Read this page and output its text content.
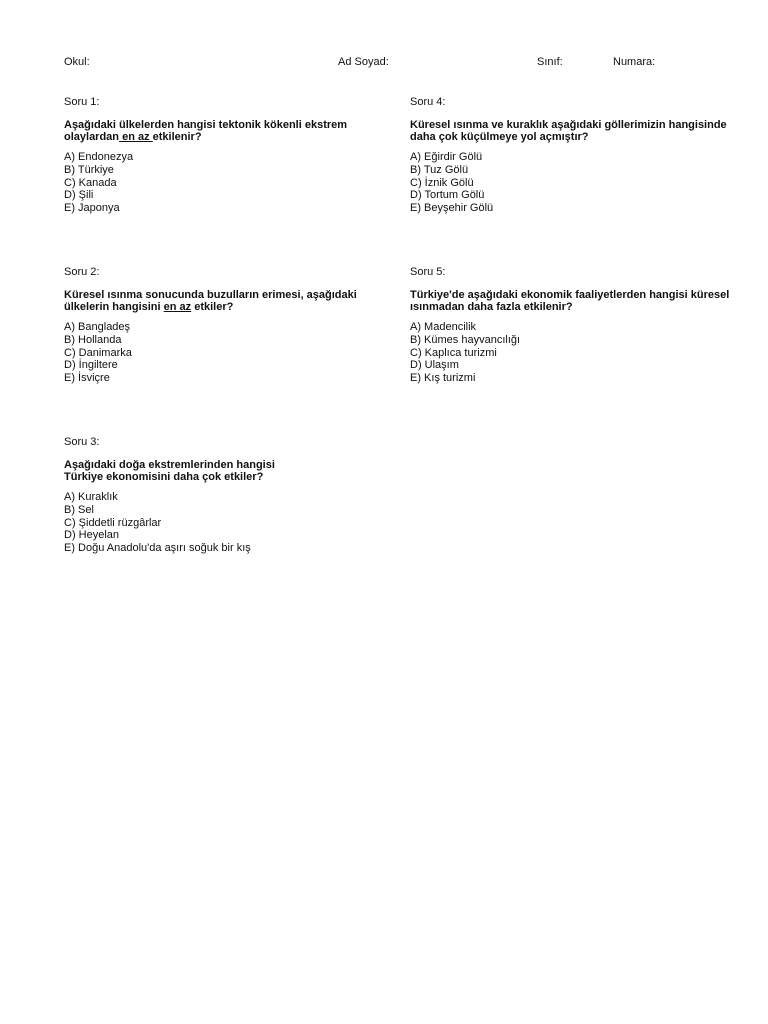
Okul:	Ad Soyad:	Sınıf:	Numara:

Soru 1:

Aşağıdaki ülkelerden hangisi tektonik kökenli ekstrem olaylardan en az etkilenir?

A) Endonezya

B) Türkiye

C) Kanada

D) Şili

E) Japonya

Soru 2:

Küresel ısınma sonucunda buzulların erimesi, aşağıdaki ülkelerin hangisini en az etkiler?

A) Bangladeş

B) Hollanda

C) Danimarka

D) İngiltere

E) İsviçre

Soru 3:

Aşağıdaki doğa ekstremlerinden hangisi
Türkiye ekonomisini daha çok etkiler?

A) Kuraklık

B) Sel

C) Şiddetli rüzgârlar

D) Heyelan

E) Doğu Anadolu'da aşırı soğuk bir kış

Soru 4:

Küresel ısınma ve kuraklık aşağıdaki göllerimizin hangisinde daha çok küçülmeye yol açmıştır?

A) Eğirdir Gölü

B) Tuz Gölü

C) İznik Gölü

D) Tortum Gölü

E) Beyşehir Gölü

Soru 5:

Türkiye'de aşağıdaki ekonomik faaliyetlerden hangisi küresel ısınmadan daha fazla etkilenir?

A) Madencilik

B) Kümes hayvancılığı

C) Kaplıca turizmi

D) Ulaşım

E) Kış turizmi
